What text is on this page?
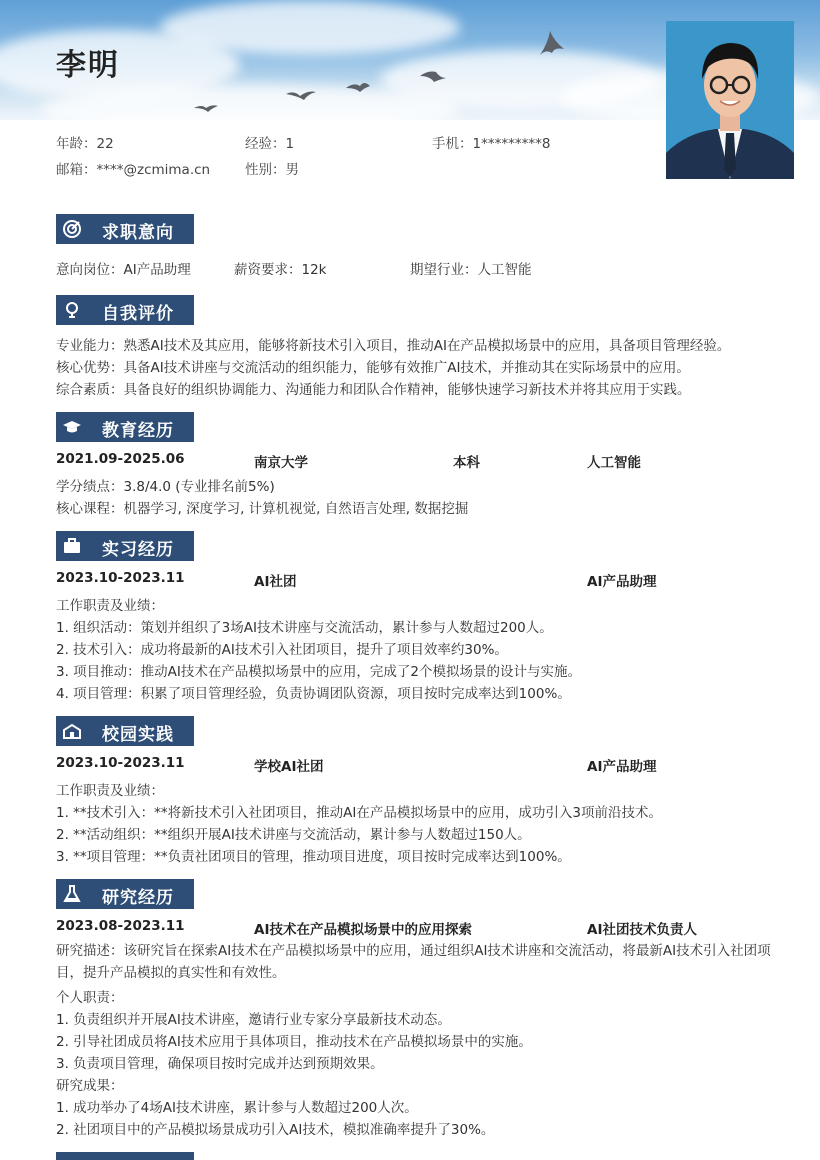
李明
年龄：22	经验：1	手机：1*********8
邮箱：****@zcmima.cn	性别：男
求职意向
意向岗位：AI产品助理	薪资要求：12k	期望行业：人工智能
自我评价
专业能力：熟悉AI技术及其应用，能够将新技术引入项目，推动AI在产品模拟场景中的应用，具备项目管理经验。
核心优势：具备AI技术讲座与交流活动的组织能力，能够有效推广AI技术，并推动其在实际场景中的应用。
综合素质：具备良好的组织协调能力、沟通能力和团队合作精神，能够快速学习新技术并将其应用于实践。
教育经历
2021.09-2025.06	南京大学	本科	人工智能
学分绩点：3.8/4.0 (专业排名前5%)
核心课程：机器学习, 深度学习, 计算机视觉, 自然语言处理, 数据挖掘
实习经历
2023.10-2023.11	AI社团	AI产品助理
工作职责及业绩：
1. 组织活动：策划并组织了3场AI技术讲座与交流活动，累计参与人数超过200人。
2. 技术引入：成功将最新的AI技术引入社团项目，提升了项目效率约30%。
3. 项目推动：推动AI技术在产品模拟场景中的应用，完成了2个模拟场景的设计与实施。
4. 项目管理：积累了项目管理经验，负责协调团队资源，项目按时完成率达到100%。
校园实践
2023.10-2023.11	学校AI社团	AI产品助理
工作职责及业绩：
1. **技术引入：**将新技术引入社团项目，推动AI在产品模拟场景中的应用，成功引入3项前沿技术。
2. **活动组织：**组织开展AI技术讲座与交流活动，累计参与人数超过150人。
3. **项目管理：**负责社团项目的管理，推动项目进度，项目按时完成率达到100%。
研究经历
2023.08-2023.11	AI技术在产品模拟场景中的应用探索	AI社团技术负责人
研究描述：该研究旨在探索AI技术在产品模拟场景中的应用，通过组织AI技术讲座和交流活动，将最新AI技术引入社团项目，提升产品模拟的真实性和有效性。
个人职责：
1. 负责组织并开展AI技术讲座，邀请行业专家分享最新技术动态。
2. 引导社团成员将AI技术应用于具体项目，推动技术在产品模拟场景中的实施。
3. 负责项目管理，确保项目按时完成并达到预期效果。
研究成果：
1. 成功举办了4场AI技术讲座，累计参与人数超过200人次。
2. 社团项目中的产品模拟场景成功引入AI技术，模拟准确率提升了30%。
